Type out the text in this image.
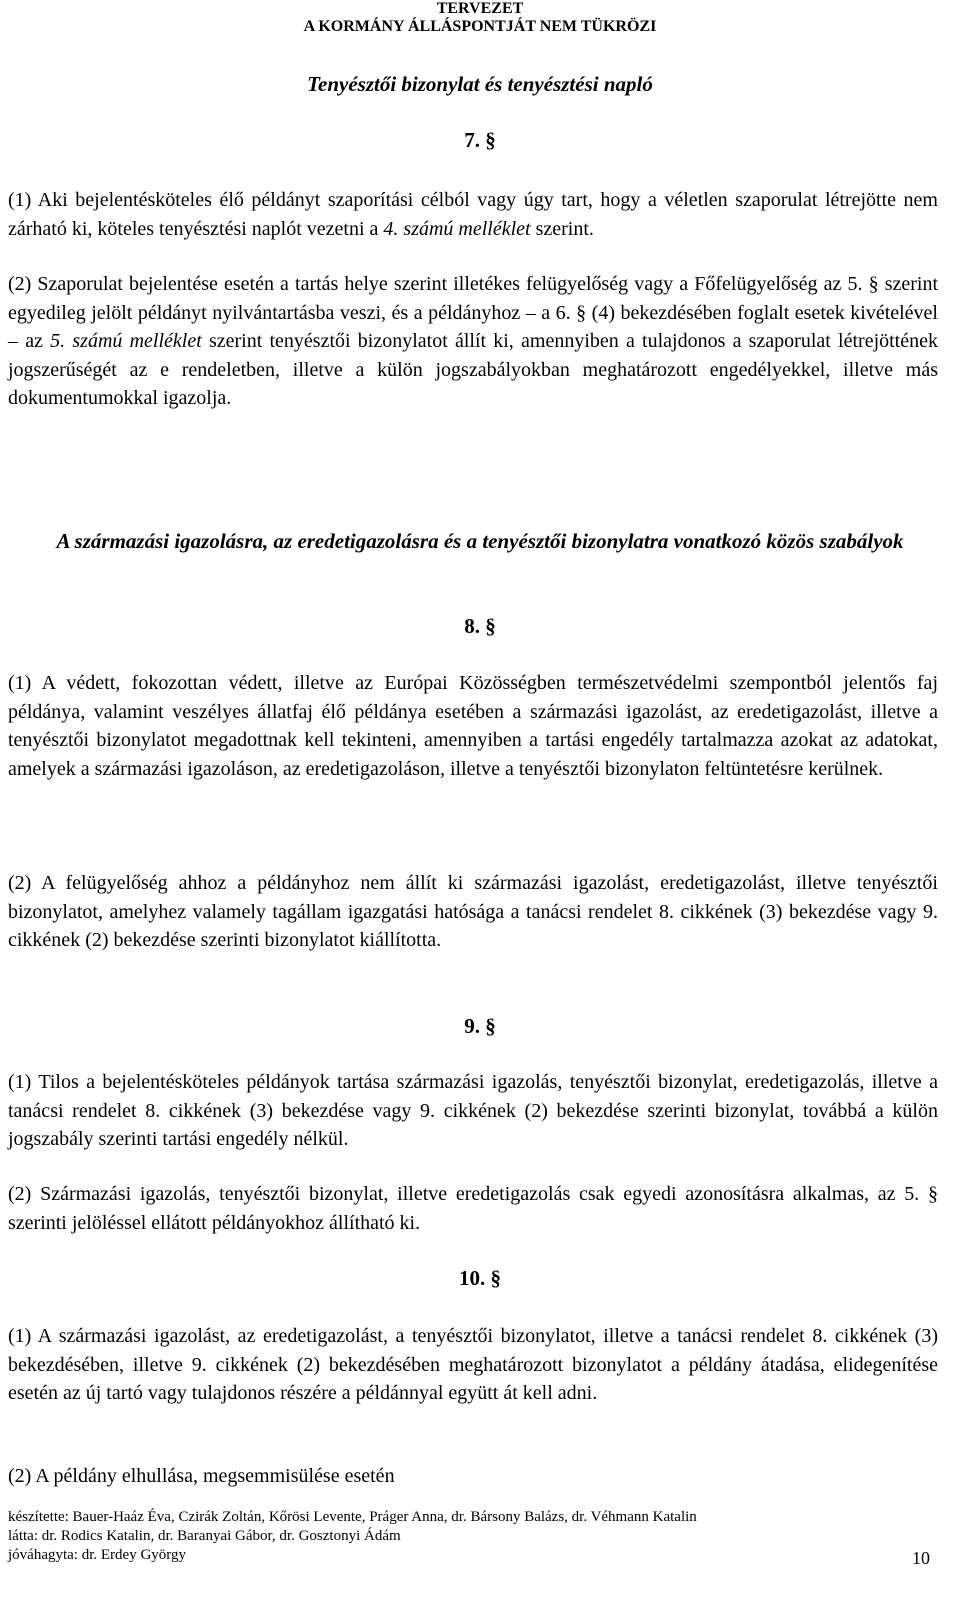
TERVEZET
A KORMÁNY ÁLLÁSPONTJÁT NEM TÜKRÖZI
Tenyésztői bizonylat és tenyésztési napló
7. §
(1) Aki bejelentésköteles élő példányt szaporítási célból vagy úgy tart, hogy a véletlen szaporulat létrejötte nem zárható ki, köteles tenyésztési naplót vezetni a 4. számú melléklet szerint.
(2) Szaporulat bejelentése esetén a tartás helye szerint illetékes felügyelőség vagy a Főfelügyelőség az 5. § szerint egyedileg jelölt példányt nyilvántartásba veszi, és a példányhoz – a 6. § (4) bekezdésében foglalt esetek kivételével – az 5. számú melléklet szerint tenyésztői bizonylatot állít ki, amennyiben a tulajdonos a szaporulat létrejöttének jogszerűségét az e rendeletben, illetve a külön jogszabályokban meghatározott engedélyekkel, illetve más dokumentumokkal igazolja.
A származási igazolásra, az eredetigazolásra és a tenyésztői bizonylatra vonatkozó közös szabályok
8. §
(1) A védett, fokozottan védett, illetve az Európai Közösségben természetvédelmi szempontból jelentős faj példánya, valamint veszélyes állatfaj élő példánya esetében a származási igazolást, az eredetigazolást, illetve a tenyésztői bizonylatot megadottnak kell tekinteni, amennyiben a tartási engedély tartalmazza azokat az adatokat, amelyek a származási igazoláson, az eredetigazoláson, illetve a tenyésztői bizonylaton feltüntetésre kerülnek.
(2) A felügyelőség ahhoz a példányhoz nem állít ki származási igazolást, eredetigazolást, illetve tenyésztői bizonylatot, amelyhez valamely tagállam igazgatási hatósága a tanácsi rendelet 8. cikkének (3) bekezdése vagy 9. cikkének (2) bekezdése szerinti bizonylatot kiállította.
9. §
(1) Tilos a bejelentésköteles példányok tartása származási igazolás, tenyésztői bizonylat, eredetigazolás, illetve a tanácsi rendelet 8. cikkének (3) bekezdése vagy 9. cikkének (2) bekezdése szerinti bizonylat, továbbá a külön jogszabály szerinti tartási engedély nélkül.
(2) Származási igazolás, tenyésztői bizonylat, illetve eredetigazolás csak egyedi azonosításra alkalmas, az 5. § szerinti jelöléssel ellátott példányokhoz állítható ki.
10. §
(1) A származási igazolást, az eredetigazolást, a tenyésztői bizonylatot, illetve a tanácsi rendelet 8. cikkének (3) bekezdésében, illetve 9. cikkének (2) bekezdésében meghatározott bizonylatot a példány átadása, elidegenítése esetén az új tartó vagy tulajdonos részére a példánnyal együtt át kell adni.
(2) A példány elhullása, megsemmisülése esetén
készítette: Bauer-Haáz Éva, Czirák Zoltán, Kőrösi Levente, Práger Anna, dr. Bársony Balázs, dr. Véhmann Katalin
látta: dr. Rodics Katalin, dr. Baranyai Gábor, dr. Gosztonyi Ádám
jóváhagyta: dr. Erdey György	10
